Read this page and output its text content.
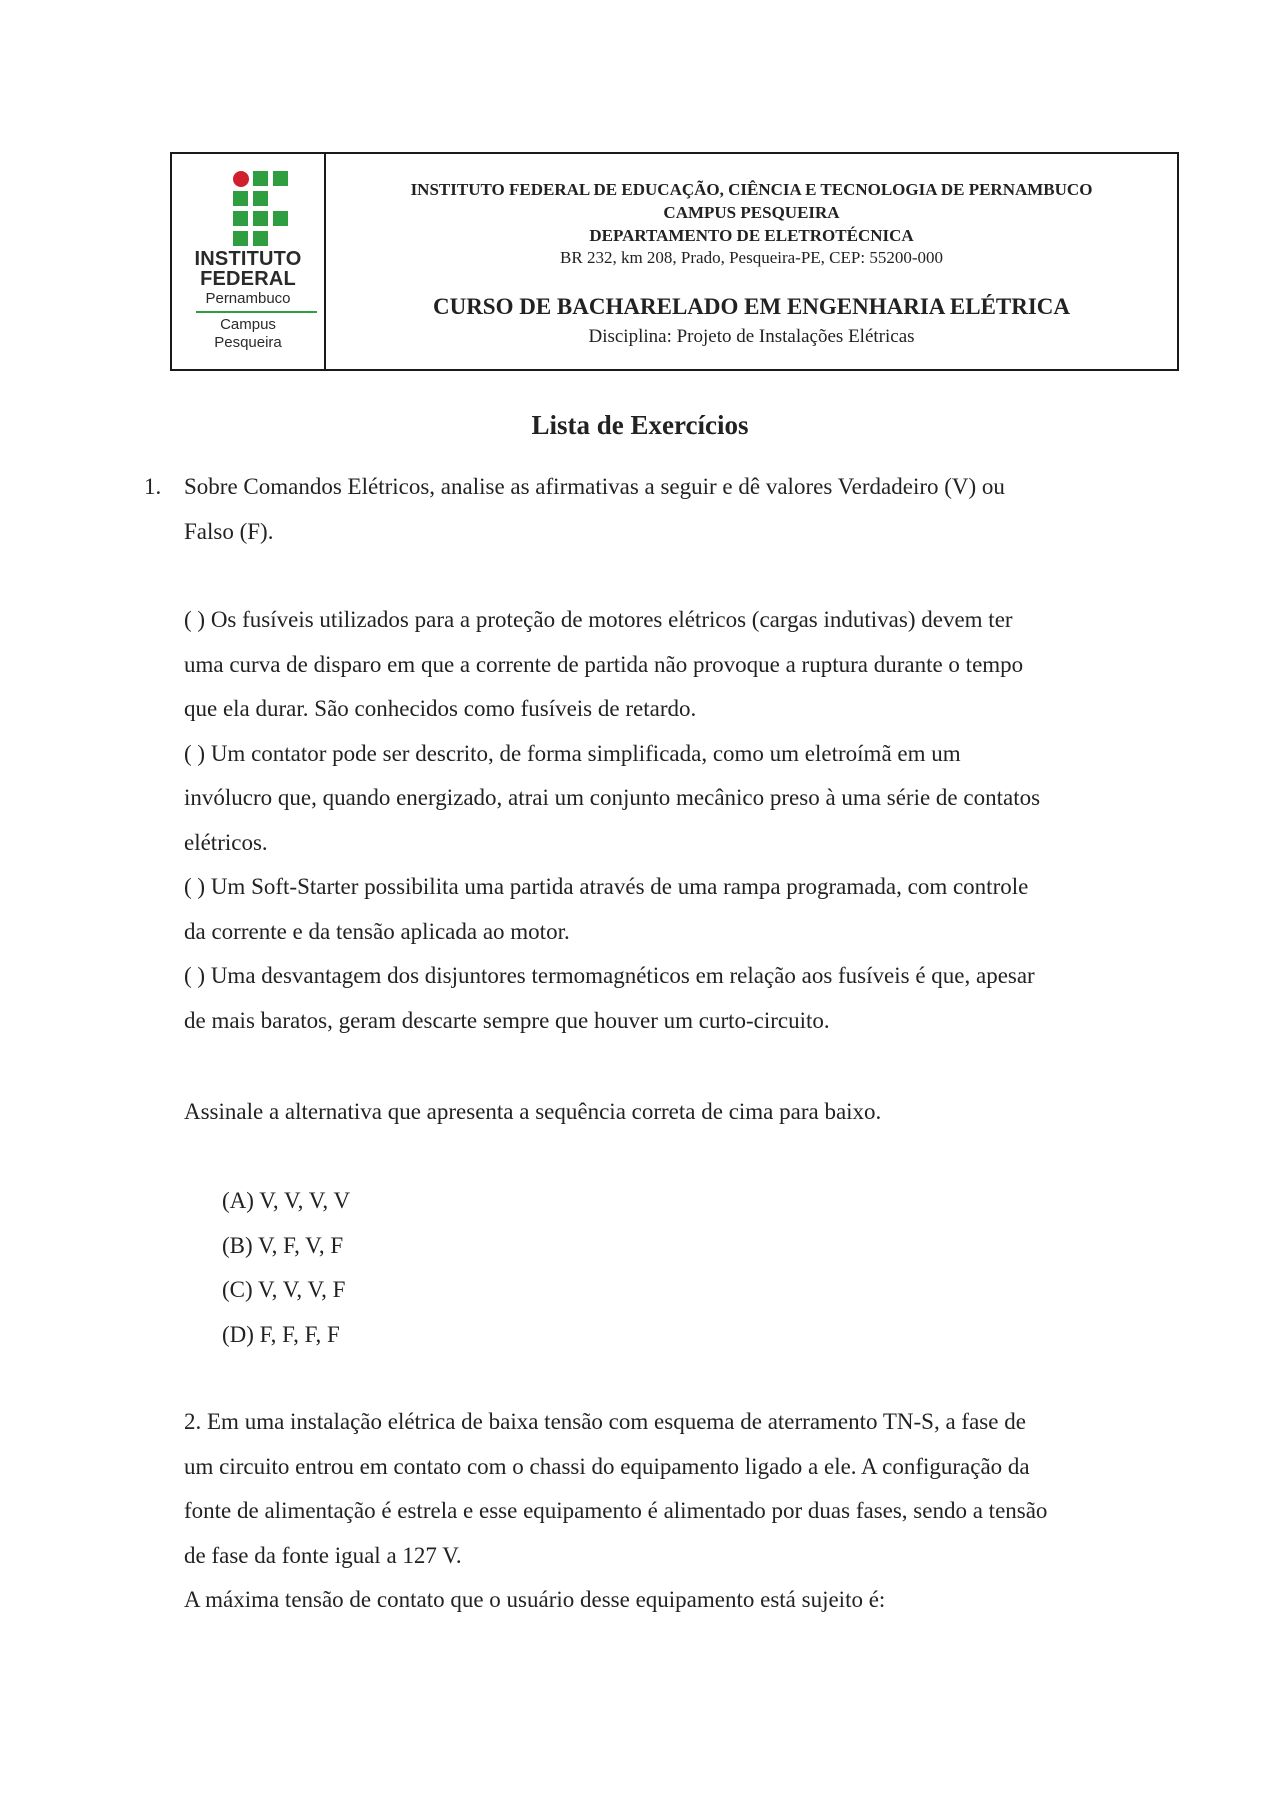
INSTITUTO
FEDERAL
Pernambuco
Campus
Pesqueira
INSTITUTO FEDERAL DE EDUCAÇÃO, CIÊNCIA E TECNOLOGIA DE PERNAMBUCO
CAMPUS PESQUEIRA
DEPARTAMENTO DE ELETROTÉCNICA
BR 232, km 208, Prado, Pesqueira-PE, CEP: 55200-000
CURSO DE BACHARELADO EM ENGENHARIA ELÉTRICA
Disciplina: Projeto de Instalações Elétricas
Lista de Exercícios
1. Sobre Comandos Elétricos, analise as afirmativas a seguir e dê valores Verdadeiro (V) ou

Falso (F).

( ) Os fusíveis utilizados para a proteção de motores elétricos (cargas indutivas) devem ter

uma curva de disparo em que a corrente de partida não provoque a ruptura durante o tempo

que ela durar. São conhecidos como fusíveis de retardo.

( ) Um contator pode ser descrito, de forma simplificada, como um eletroímã em um

invólucro que, quando energizado, atrai um conjunto mecânico preso à uma série de contatos

elétricos.

( ) Um Soft-Starter possibilita uma partida através de uma rampa programada, com controle

da corrente e da tensão aplicada ao motor.

( ) Uma desvantagem dos disjuntores termomagnéticos em relação aos fusíveis é que, apesar

de mais baratos, geram descarte sempre que houver um curto-circuito.

Assinale a alternativa que apresenta a sequência correta de cima para baixo.

(A) V, V, V, V
(B) V, F, V, F
(C) V, V, V, F
(D) F, F, F, F

2. Em uma instalação elétrica de baixa tensão com esquema de aterramento TN-S, a fase de

um circuito entrou em contato com o chassi do equipamento ligado a ele. A configuração da

fonte de alimentação é estrela e esse equipamento é alimentado por duas fases, sendo a tensão

de fase da fonte igual a 127 V.

A máxima tensão de contato que o usuário desse equipamento está sujeito é:
